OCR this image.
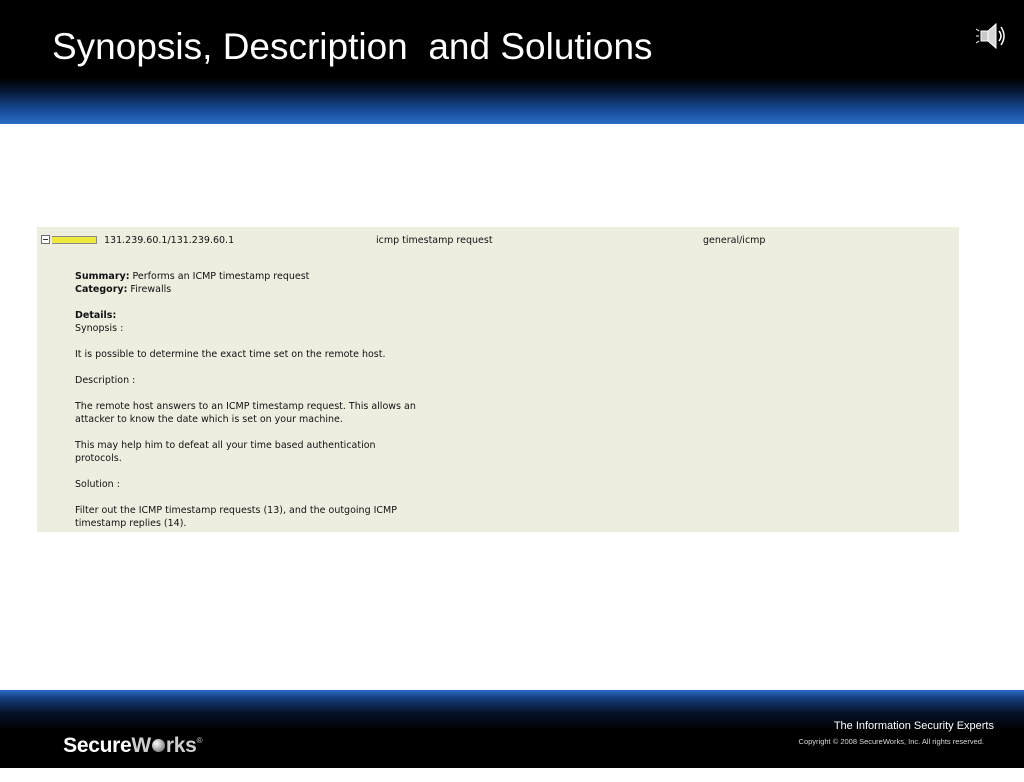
Synopsis, Description  and Solutions
131.239.60.1/131.239.60.1	icmp timestamp request	general/icmp

Summary: Performs an ICMP timestamp request

Category: Firewalls

Details:

Synopsis :

It is possible to determine the exact time set on the remote host.

Description :

The remote host answers to an ICMP timestamp request. This allows an

attacker to know the date which is set on your machine.

This may help him to defeat all your time based authentication

protocols.

Solution :

Filter out the ICMP timestamp requests (13), and the outgoing ICMP

timestamp replies (14).

SecureW rks®

The Information Security Experts
Copyright © 2008 SecureWorks, Inc. All rights reserved.
